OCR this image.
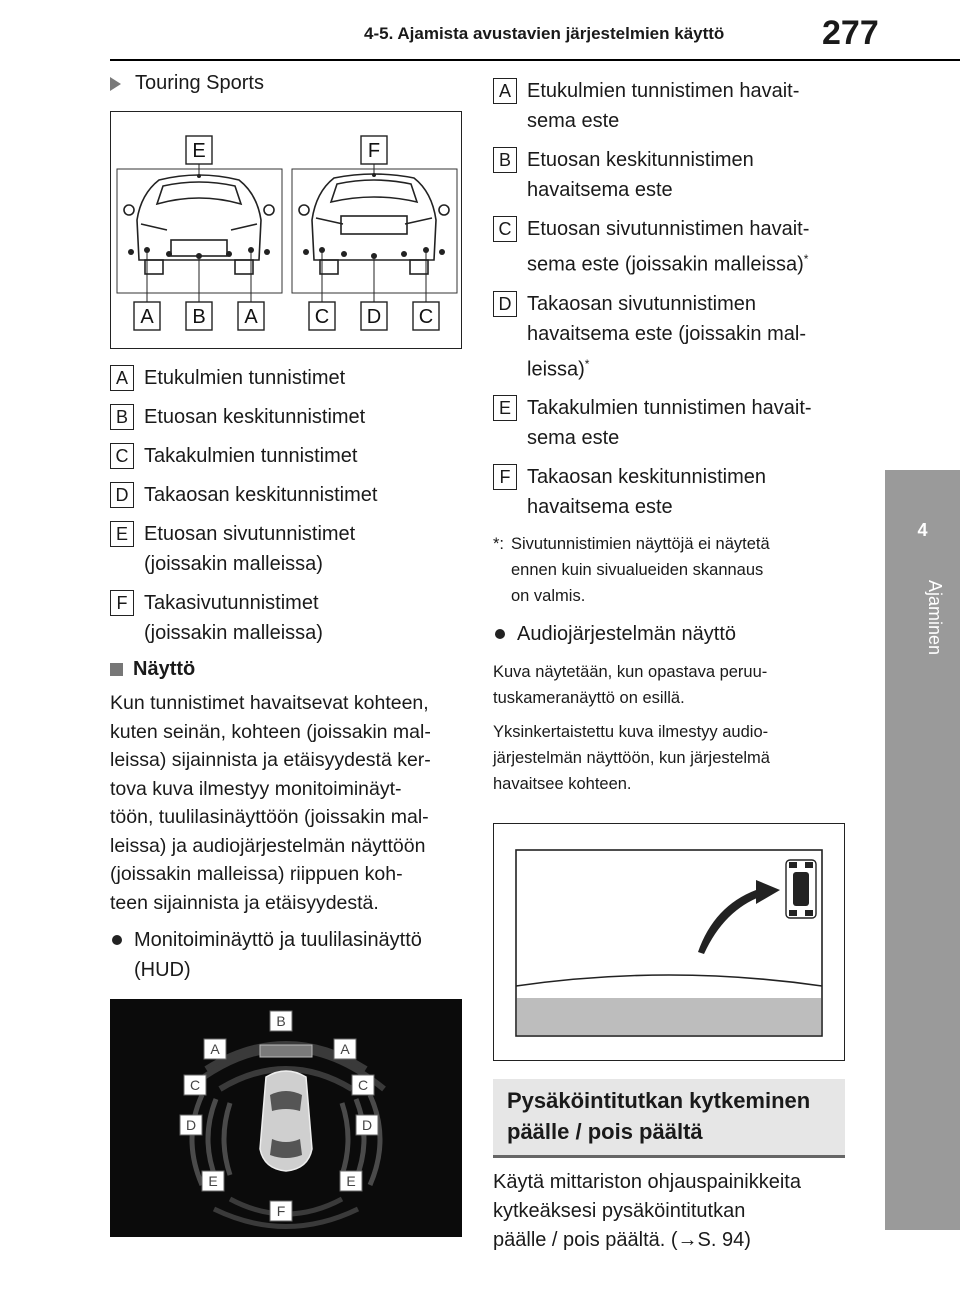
4-5. Ajamista avustavien järjestelmien käyttö	277
4
Ajaminen
Touring Sports
E	F
A B A	C D C
A Etukulmien tunnistimet
B Etuosan keskitunnistimet
C Takakulmien tunnistimet
D Takaosan keskitunnistimet
E Etuosan sivutunnistimet
(joissakin malleissa)
F Takasivutunnistimet
(joissakin malleissa)
Näyttö
Kun tunnistimet havaitsevat kohteen,
kuten seinän, kohteen (joissakin mal-
leissa) sijainnista ja etäisyydestä ker-
tova kuva ilmestyy monitoiminäyt-
töön, tuulilasinäyttöön (joissakin mal-
leissa) ja audiojärjestelmän näyttöön
(joissakin malleissa) riippuen koh-
teen sijainnista ja etäisyydestä.
Monitoiminäyttö ja tuulilasinäyttö
(HUD)
B
A	A
C	C
D	D
E	E
F
A Etukulmien tunnistimen havait-
sema este
B Etuosan keskitunnistimen
havaitsema este
C Etuosan sivutunnistimen havait-
sema este (joissakin malleissa)*
D Takaosan sivutunnistimen
havaitsema este (joissakin mal-
leissa)*
E Takakulmien tunnistimen havait-
sema este
F Takaosan keskitunnistimen
havaitsema este
*: Sivutunnistimien näyttöjä ei näytetä
ennen kuin sivualueiden skannaus
on valmis.
Audiojärjestelmän näyttö
Kuva näytetään, kun opastava peruu-
tuskameranäyttö on esillä.
Yksinkertaistettu kuva ilmestyy audio-
järjestelmän näyttöön, kun järjestelmä
havaitsee kohteen.
Pysäköintitutkan kytkeminen
päälle / pois päältä
Käytä mittariston ohjauspainikkeita
kytkeäksesi pysäköintitutkan
päälle / pois päältä. (→S. 94)
